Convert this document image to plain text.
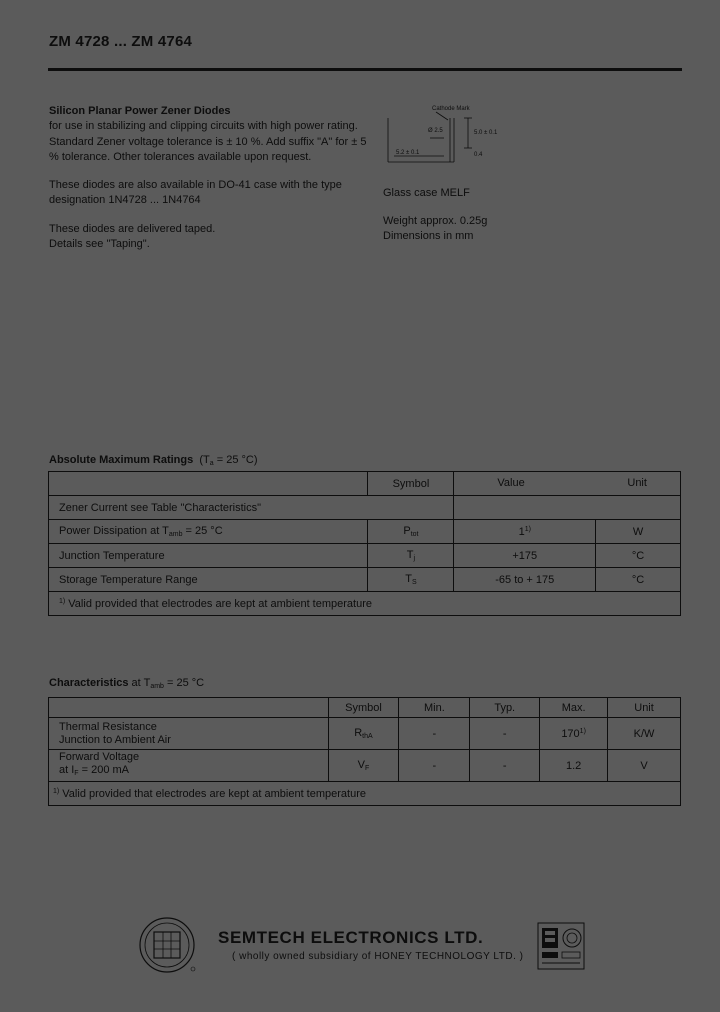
ZM 4728 ... ZM 4764
Silicon Planar Power Zener Diodes

for use in stabilizing and clipping circuits with high power rating. Standard Zener voltage tolerance is ± 10 %. Add suffix "A" for ± 5 % tolerance. Other tolerances available upon request.

These diodes are also available in DO-41 case with the type designation 1N4728 ... 1N4764

These diodes are delivered taped.
Details see "Taping".
Cathode Mark
5.0 ± 0.1
Ø 2.5
0.4
5.2 ± 0.1

Glass case MELF

Weight approx. 0.25g
Dimensions in mm
Absolute Maximum Ratings ($T_a = 25$ °C)
	Symbol	Value Unit	

Zener Current see Table "Characteristics"			
Power Dissipation at $T_{amb} = 25$ °C	$P_{tot}$	1$^{1)}$	W
Junction Temperature	$T_j$	+175	°C
Storage Temperature Range	$T_S$	-65 to + 175	°C
$^{1)}$ Valid provided that electrodes are kept at ambient temperature			
Characteristics at $T_{amb} = 25$ °C
	Symbol	Min.	Typ.	Max.	Unit

Thermal Resistance
Junction to Ambient Air	$R_{thA}$	-	-	170$^{1)}$	K/W

Forward Voltage
at $I_F = 200$ mA	$V_F$	-	-	1.2	V
$^{1)}$ Valid provided that electrodes are kept at ambient temperature					
SEMTECH ELECTRONICS LTD.
( wholly owned subsidiary of HONEY TECHNOLOGY LTD. )
